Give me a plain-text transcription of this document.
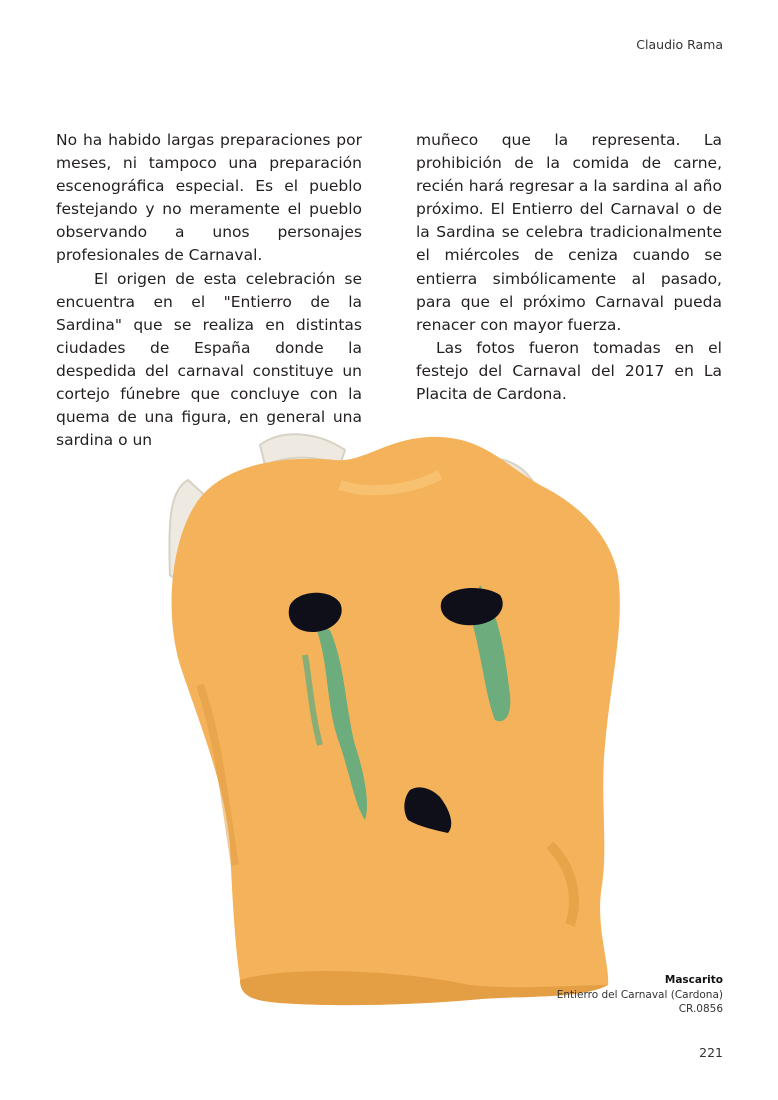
Claudio Rama

No ha habido largas preparaciones por meses, ni tampoco una preparación escenográfica especial. Es el pueblo festejando y no meramente el pueblo observando a unos personajes profesionales de Carnaval.

El origen de esta celebración se encuentra en el "Entierro de la Sardina" que se realiza en distintas ciudades de España donde la despedida del carnaval constituye un cortejo fúnebre que concluye con la quema de una figura, en general una sardina o un

muñeco que la representa. La prohibición de la comida de carne, recién hará regresar a la sardina al año próximo. El Entierro del Carnaval o de la Sardina se celebra tradicionalmente el miércoles de ceniza cuando se entierra simbólicamente al pasado, para que el próximo Carnaval pueda renacer con mayor fuerza.

Las fotos fueron tomadas en el festejo del Carnaval del 2017 en La Placita de Cardona.

Mascarito
Entierro del Carnaval (Cardona)
CR.0856
221
